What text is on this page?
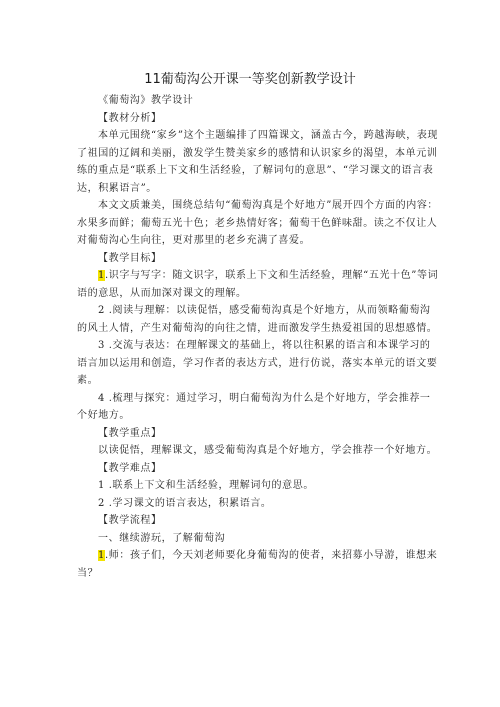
11葡萄沟公开课一等奖创新教学设计

《葡萄沟》教学设计

【教材分析】

本单元围绕“家乡”这个主题编排了四篇课文，涵盖古今，跨越海峡，表现了祖国的辽阔和美丽，激发学生赞美家乡的感情和认识家乡的渴望，本单元训练的重点是“联系上下文和生活经验，了解词句的意思”、“学习课文的语言表达，积累语言”。

本文文质兼美，围绕总结句“葡萄沟真是个好地方”展开四个方面的内容：水果多而鲜；葡萄五光十色；老乡热情好客；葡萄干色鲜味甜。读之不仅让人对葡萄沟心生向往，更对那里的老乡充满了喜爱。

【教学目标】

1.识字与写字：随文识字，联系上下文和生活经验，理解“五光十色”等词语的意思，从而加深对课文的理解。

2 .阅读与理解：以读促悟，感受葡萄沟真是个好地方，从而领略葡萄沟的风土人情，产生对葡萄沟的向往之情，进而激发学生热爱祖国的思想感情。

3 .交流与表达：在理解课文的基础上，将以往积累的语言和本课学习的语言加以运用和创造，学习作者的表达方式，进行仿说，落实本单元的语文要素。

4 .梳理与探究：通过学习，明白葡萄沟为什么是个好地方，学会推荐一个好地方。

【教学重点】

以读促悟，理解课文，感受葡萄沟真是个好地方，学会推荐一个好地方。

【教学难点】

1 .联系上下文和生活经验，理解词句的意思。

2 .学习课文的语言表达，积累语言。

【教学流程】

一、继续游玩，了解葡萄沟

1.师：孩子们，今天刘老师要化身葡萄沟的使者，来招募小导游，谁想来当？
